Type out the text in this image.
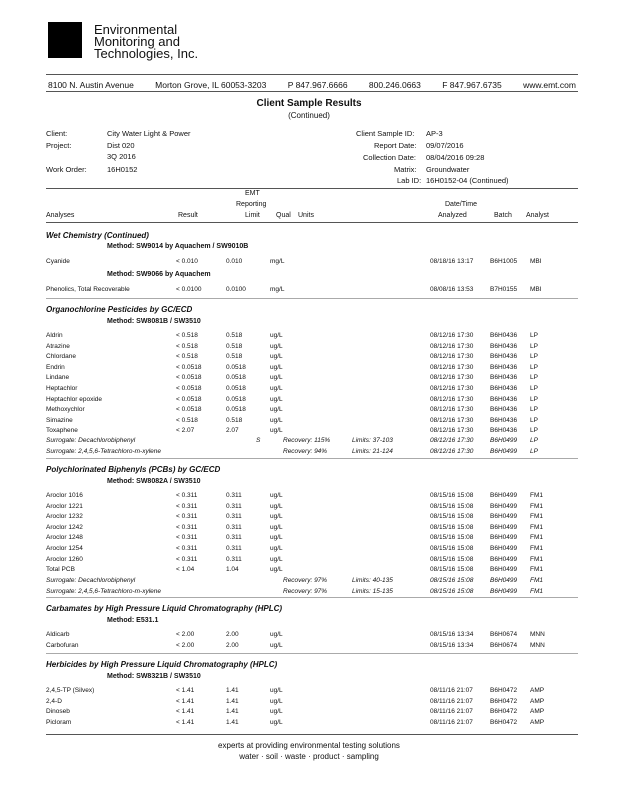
Environmental
Monitoring and
Technologies, Inc.
8100 N. Austin Avenue	Morton Grove, IL 60053-3203	P 847.967.6666	800.246.0663	F 847.967.6735	www.emt.com
Client Sample Results
(Continued)
Client:	City Water Light & Power
Project:	Dist 020
3Q 2016
Work Order:	16H0152
Client Sample ID: AP-3
Report Date: 09/07/2016
Collection Date: 08/04/2016 09:28
Matrix: Groundwater
Lab ID: 16H0152-04 (Continued)
EMT
Reporting
Analyses	Result	Limit Qual Units
Date/Time
Analyzed	Batch Analyst
Wet Chemistry (Continued)
Method: SW9014 by Aquachem / SW9010B
Cyanide	< 0.010	0.010	mg/L	08/18/16 13:17	B6H1005 MBI
Method: SW9066 by Aquachem
Phenolics, Total Recoverable	< 0.0100	0.0100	mg/L	08/08/16 13:53	B7H0155 MBI
Organochlorine Pesticides by GC/ECD
Method: SW8081B / SW3510
Aldrin	< 0.518	0.518	ug/L	08/12/16 17:30	B6H0436 LP
Atrazine	< 0.518	0.518	ug/L	08/12/16 17:30	B6H0436 LP
Chlordane	< 0.518	0.518	ug/L	08/12/16 17:30	B6H0436 LP
Endrin	< 0.0518	0.0518	ug/L	08/12/16 17:30	B6H0436 LP
Lindane	< 0.0518	0.0518	ug/L	08/12/16 17:30	B6H0436 LP
Heptachlor	< 0.0518	0.0518	ug/L	08/12/16 17:30	B6H0436 LP
Heptachlor epoxide	< 0.0518	0.0518	ug/L	08/12/16 17:30	B6H0436 LP
Methoxychlor	< 0.0518	0.0518	ug/L	08/12/16 17:30	B6H0436 LP
Simazine	< 0.518	0.518	ug/L	08/12/16 17:30	B6H0436 LP
Toxaphene	< 2.07	2.07	ug/L	08/12/16 17:30	B6H0436 LP
Surrogate: Decachlorobiphenyl	S	Recovery: 115%	Limits: 37-103	08/12/16 17:30	B6H0499 LP
Surrogate: 2,4,5,6-Tetrachloro-m-xylene	Recovery: 94%	Limits: 21-124	08/12/16 17:30	B6H0499 LP
Polychlorinated Biphenyls (PCBs) by GC/ECD
Method: SW8082A / SW3510
Aroclor 1016	< 0.311	0.311	ug/L	08/15/16 15:08	B6H0499 FM1
Aroclor 1221	< 0.311	0.311	ug/L	08/15/16 15:08	B6H0499 FM1
Aroclor 1232	< 0.311	0.311	ug/L	08/15/16 15:08	B6H0499 FM1
Aroclor 1242	< 0.311	0.311	ug/L	08/15/16 15:08	B6H0499 FM1
Aroclor 1248	< 0.311	0.311	ug/L	08/15/16 15:08	B6H0499 FM1
Aroclor 1254	< 0.311	0.311	ug/L	08/15/16 15:08	B6H0499 FM1
Aroclor 1260	< 0.311	0.311	ug/L	08/15/16 15:08	B6H0499 FM1
Total PCB	< 1.04	1.04	ug/L	08/15/16 15:08	B6H0499 FM1
Surrogate: Decachlorobiphenyl	Recovery: 97%	Limits: 40-135	08/15/16 15:08	B6H0499 FM1
Surrogate: 2,4,5,6-Tetrachloro-m-xylene	Recovery: 97%	Limits: 15-135	08/15/16 15:08	B6H0499 FM1
Carbamates by High Pressure Liquid Chromatography (HPLC)
Method: E531.1
Aldicarb	< 2.00	2.00	ug/L	08/15/16 13:34	B6H0674 MNN
Carbofuran	< 2.00	2.00	ug/L	08/15/16 13:34	B6H0674 MNN
Herbicides by High Pressure Liquid Chromatography (HPLC)
Method: SW8321B / SW3510
2,4,5-TP (Silvex)	< 1.41	1.41	ug/L	08/11/16 21:07	B6H0472 AMP
2,4-D	< 1.41	1.41	ug/L	08/11/16 21:07	B6H0472 AMP
Dinoseb	< 1.41	1.41	ug/L	08/11/16 21:07	B6H0472 AMP
Picloram	< 1.41	1.41	ug/L	08/11/16 21:07	B6H0472 AMP
experts at providing environmental testing solutions
water · soil · waste · product · sampling
